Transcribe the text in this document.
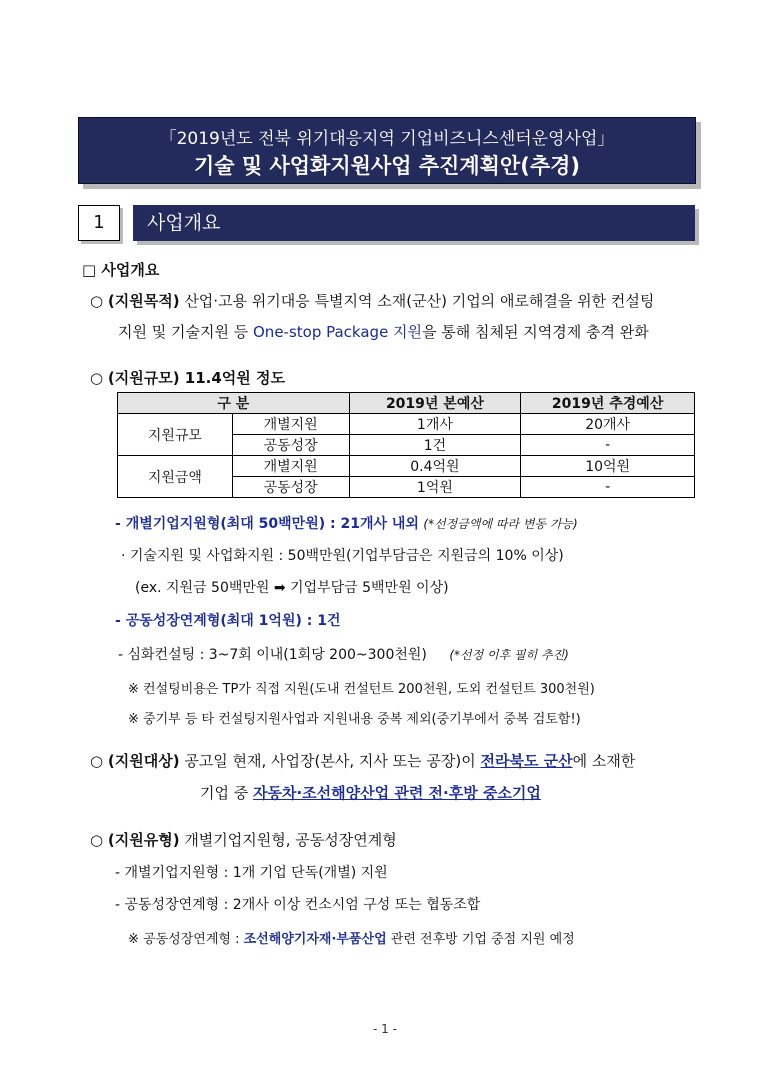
「2019년도 전북 위기대응지역 기업비즈니스센터운영사업」
기술 및 사업화지원사업 추진계획안(추경)
1	사업개요
□ 사업개요
○ (지원목적) 산업·고용 위기대응 특별지역 소재(군산) 기업의 애로해결을 위한 컨설팅
지원 및 기술지원 등 One-stop Package 지원을 통해 침체된 지역경제 충격 완화
○ (지원규모) 11.4억원 정도
구 분		2019년 본예산	2019년 추경예산
지원규모	개별지원	1개사	20개사
	공동성장	1건	-
지원금액	개별지원	0.4억원	10억원
	공동성장	1억원	-
- 개별기업지원형(최대 50백만원) : 21개사 내외 (*선정금액에 따라 변동 가능)
· 기술지원 및 사업화지원 : 50백만원(기업부담금은 지원금의 10% 이상)
(ex. 지원금 50백만원 ➡ 기업부담금 5백만원 이상)
- 공동성장연계형(최대 1억원) : 1건
- 심화컨설팅 : 3~7회 이내(1회당 200~300천원) (*선정 이후 필히 추진)
※ 컨설팅비용은 TP가 직접 지원(도내 컨설턴트 200천원, 도외 컨설턴트 300천원)
※ 중기부 등 타 컨설팅지원사업과 지원내용 중복 제외(중기부에서 중복 검토함!)
○ (지원대상) 공고일 현재, 사업장(본사, 지사 또는 공장)이 전라북도 군산에 소재한
기업 중 자동차·조선해양산업 관련 전·후방 중소기업
○ (지원유형) 개별기업지원형, 공동성장연계형
- 개별기업지원형 : 1개 기업 단독(개별) 지원
- 공동성장연계형 : 2개사 이상 컨소시엄 구성 또는 협동조합
※ 공동성장연계형 : 조선해양기자재·부품산업 관련 전후방 기업 중점 지원 예정
- 1 -
